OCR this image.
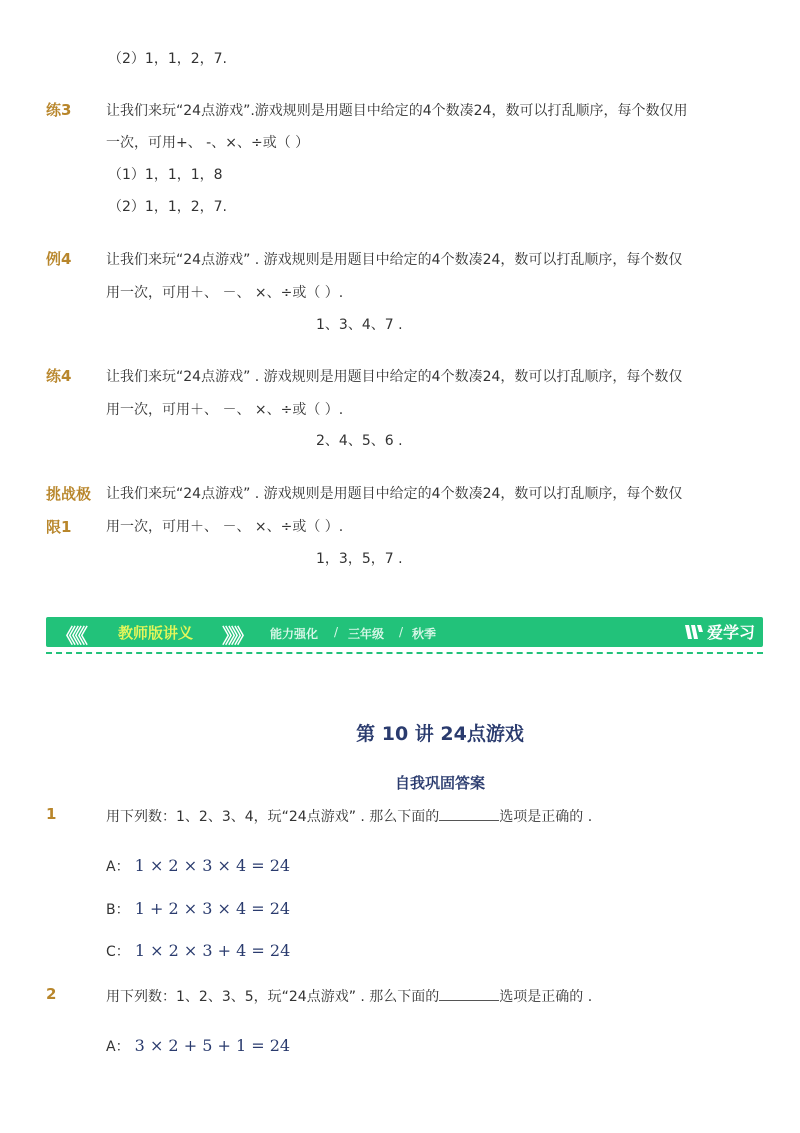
（2）1，1，2，7.
练3 让我们来玩“24点游戏”.游戏规则是用题目中给定的4个数凑24，数可以打乱顺序，每个数仅用
一次，可用+、 -、×、÷或（ ）
（1）1，1，1，8
（2）1，1，2，7.
例4 让我们来玩“24点游戏” . 游戏规则是用题目中给定的4个数凑24，数可以打乱顺序，每个数仅
用一次，可用＋、 －、 ×、÷或（ ）.
1、3、4、7 .
练4 让我们来玩“24点游戏” . 游戏规则是用题目中给定的4个数凑24，数可以打乱顺序，每个数仅
用一次，可用＋、 －、 ×、÷或（ ）.
2、4、5、6 .
挑战极
限1
让我们来玩“24点游戏” . 游戏规则是用题目中给定的4个数凑24，数可以打乱顺序，每个数仅
用一次，可用＋、 －、 ×、÷或（ ）.
1，3，5，7 .
《《《 教师版讲义 》》》 能力强化 / 三年级 / 秋季	爱学习
第 10 讲 24点游戏
自我巩固答案
1	用下列数：1、2、3、4，玩“24点游戏” . 那么下面的	选项是正确的 .
A： 1 × 2 × 3 × 4 = 24
B： 1 + 2 × 3 × 4 = 24
C： 1 × 2 × 3 + 4 = 24
2	用下列数：1、2、3、5，玩“24点游戏” . 那么下面的	选项是正确的 .
A： 3 × 2 + 5 + 1 = 24
